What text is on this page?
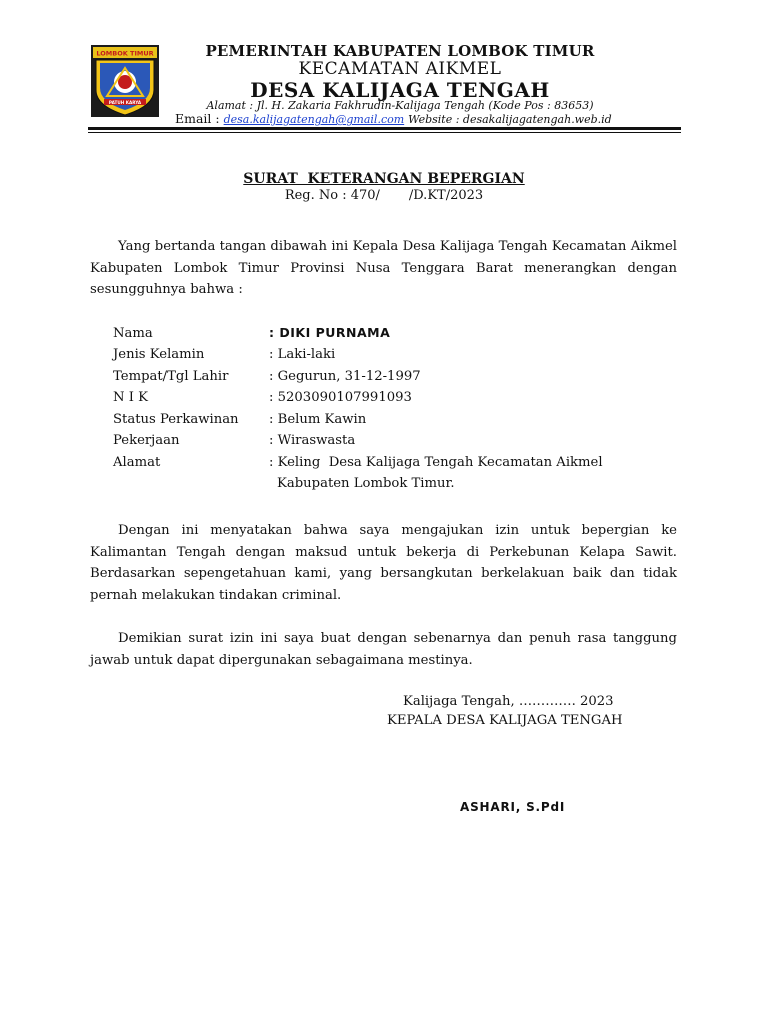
LOMBOK TIMUR
PATUH KARYA
PEMERINTAH KABUPATEN LOMBOK TIMUR
KECAMATAN AIKMEL
DESA KALIJAGA TENGAH
Alamat : Jl. H. Zakaria Fakhrudin-Kalijaga Tengah (Kode Pos : 83653)
Email : desa.kalijagatengah@gmail.com Website : desakalijagatengah.web.id
SURAT  KETERANGAN BEPERGIAN
Reg. No : 470/       /D.KT/2023
Yang bertanda tangan dibawah ini Kepala Desa Kalijaga Tengah Kecamatan Aikmel Kabupaten Lombok Timur Provinsi Nusa Tenggara Barat menerangkan dengan sesungguhnya bahwa :
Nama	: DIKI PURNAMA
Jenis Kelamin	: Laki-laki
Tempat/Tgl Lahir	: Gegurun, 31-12-1997
N I K	: 5203090107991093
Status Perkawinan : Belum Kawin
Pekerjaan	: Wiraswasta
Alamat	: Keling  Desa Kalijaga Tengah Kecamatan Aikmel
Kabupaten Lombok Timur.
Dengan ini menyatakan bahwa saya mengajukan izin untuk bepergian ke Kalimantan Tengah dengan maksud untuk bekerja di Perkebunan Kelapa Sawit. Berdasarkan sepengetahuan kami, yang bersangkutan berkelakuan baik dan tidak pernah melakukan tindakan criminal.
Demikian surat izin ini saya buat dengan sebenarnya dan penuh rasa tanggung jawab untuk dapat dipergunakan sebagaimana mestinya.
Kalijaga Tengah, …………. 2023
KEPALA DESA KALIJAGA TENGAH
ASHARI, S.PdI
